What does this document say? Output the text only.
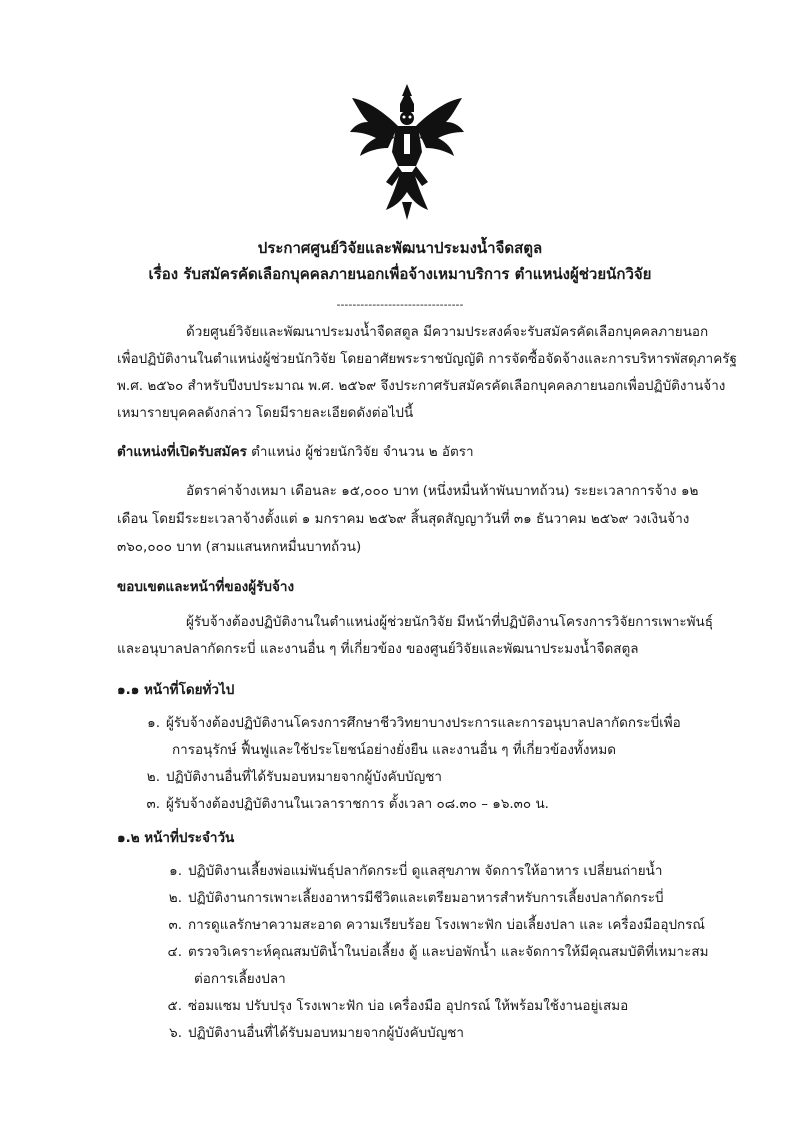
ประกาศศูนย์วิจัยและพัฒนาประมงน้ำจืดสตูล
เรื่อง รับสมัครคัดเลือกบุคคลภายนอกเพื่อจ้างเหมาบริการ ตำแหน่งผู้ช่วยนักวิจัย
--------------------------------
ด้วยศูนย์วิจัยและพัฒนาประมงน้ำจืดสตูล มีความประสงค์จะรับสมัครคัดเลือกบุคคลภายนอก
เพื่อปฏิบัติงานในตำแหน่งผู้ช่วยนักวิจัย โดยอาศัยพระราชบัญญัติ การจัดซื้อจัดจ้างและการบริหารพัสดุภาครัฐ
พ.ศ. ๒๕๖๐ สำหรับปีงบประมาณ พ.ศ. ๒๕๖๙ จึงประกาศรับสมัครคัดเลือกบุคคลภายนอกเพื่อปฏิบัติงานจ้าง
เหมารายบุคคลดังกล่าว โดยมีรายละเอียดดังต่อไปนี้
ตำแหน่งที่เปิดรับสมัคร ตำแหน่ง ผู้ช่วยนักวิจัย จำนวน ๒ อัตรา
อัตราค่าจ้างเหมา เดือนละ ๑๕,๐๐๐ บาท (หนึ่งหมื่นห้าพันบาทถ้วน) ระยะเวลาการจ้าง ๑๒
เดือน โดยมีระยะเวลาจ้างตั้งแต่ ๑ มกราคม ๒๕๖๙ สิ้นสุดสัญญาวันที่ ๓๑ ธันวาคม ๒๕๖๙ วงเงินจ้าง
๓๖๐,๐๐๐ บาท (สามแสนหกหมื่นบาทถ้วน)
ขอบเขตและหน้าที่ของผู้รับจ้าง
ผู้รับจ้างต้องปฏิบัติงานในตำแหน่งผู้ช่วยนักวิจัย มีหน้าที่ปฏิบัติงานโครงการวิจัยการเพาะพันธุ์
และอนุบาลปลากัดกระบี่ และงานอื่น ๆ ที่เกี่ยวข้อง ของศูนย์วิจัยและพัฒนาประมงน้ำจืดสตูล
๑.๑ หน้าที่โดยทั่วไป
๑. ผู้รับจ้างต้องปฏิบัติงานโครงการศึกษาชีววิทยาบางประการและการอนุบาลปลากัดกระบี่เพื่อ
การอนุรักษ์ ฟื้นฟูและใช้ประโยชน์อย่างยั่งยืน และงานอื่น ๆ ที่เกี่ยวข้องทั้งหมด
๒. ปฏิบัติงานอื่นที่ได้รับมอบหมายจากผู้บังคับบัญชา
๓. ผู้รับจ้างต้องปฏิบัติงานในเวลาราชการ ตั้งเวลา ๐๘.๓๐ – ๑๖.๓๐ น.
๑.๒ หน้าที่ประจำวัน
๑. ปฏิบัติงานเลี้ยงพ่อแม่พันธุ์ปลากัดกระบี่ ดูแลสุขภาพ จัดการให้อาหาร เปลี่ยนถ่ายน้ำ
๒. ปฏิบัติงานการเพาะเลี้ยงอาหารมีชีวิตและเตรียมอาหารสำหรับการเลี้ยงปลากัดกระบี่
๓. การดูแลรักษาความสะอาด ความเรียบร้อย โรงเพาะฟัก บ่อเลี้ยงปลา และ เครื่องมืออุปกรณ์
๔. ตรวจวิเคราะห์คุณสมบัติน้ำในบ่อเลี้ยง ตู้ และบ่อพักน้ำ และจัดการให้มีคุณสมบัติที่เหมาะสม
ต่อการเลี้ยงปลา
๕. ซ่อมแซม ปรับปรุง โรงเพาะฟัก บ่อ เครื่องมือ อุปกรณ์ ให้พร้อมใช้งานอยู่เสมอ
๖. ปฏิบัติงานอื่นที่ได้รับมอบหมายจากผู้บังคับบัญชา
